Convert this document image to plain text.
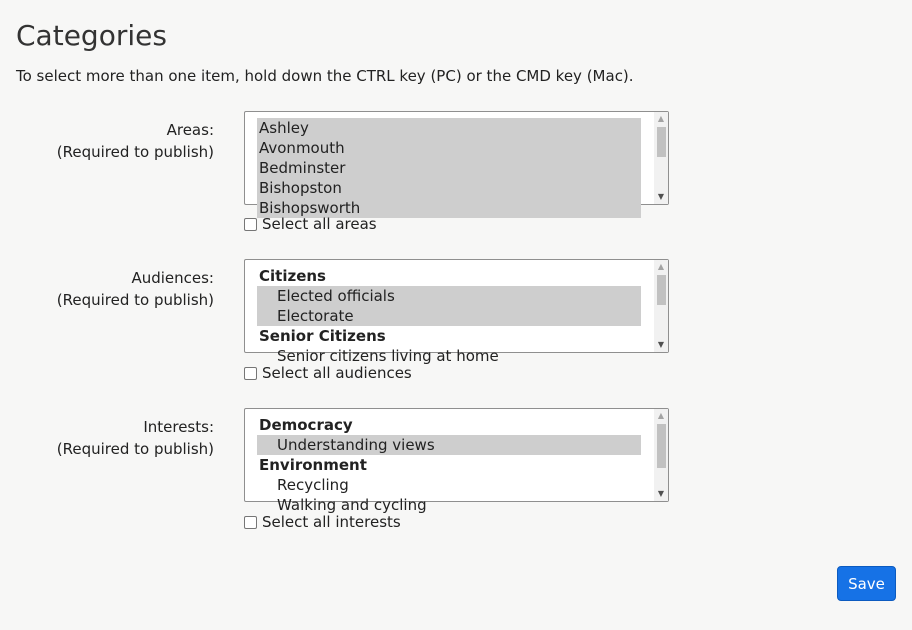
Categories
To select more than one item, hold down the CTRL key (PC) or the CMD key (Mac).
Areas:
(Required to publish)
Ashley
Avonmouth
Bedminster
Bishopston
Bishopsworth
▲
▼
Select all areas
Audiences:
(Required to publish)
Citizens
Elected officials
Electorate
Senior Citizens
Senior citizens living at home
▲
▼
Select all audiences
Interests:
(Required to publish)
Democracy
Understanding views
Environment
Recycling
Walking and cycling
▲
▼
Select all interests
Save
